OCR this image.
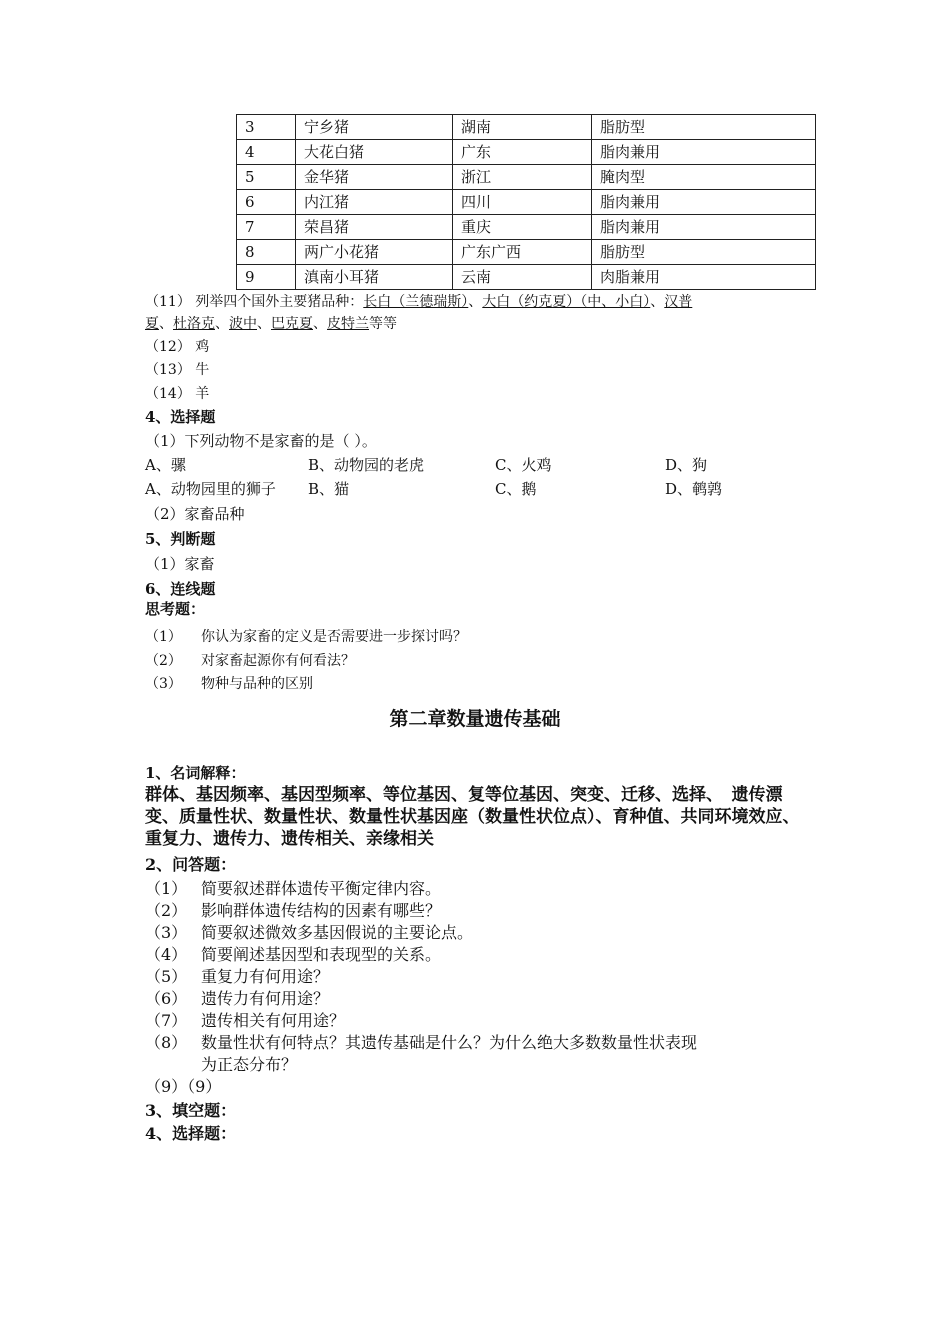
3	宁乡猪	湖南	脂肪型
4	大花白猪	广东	脂肉兼用
5	金华猪	浙江	腌肉型
6	内江猪	四川	脂肉兼用
7	荣昌猪	重庆	脂肉兼用
8	两广小花猪	广东广西	脂肪型
9	滇南小耳猪	云南	肉脂兼用
（11） 列举四个国外主要猪品种：长白（兰德瑞斯）、大白（约克夏）（中、小白）、汉普
夏、杜洛克、波中、巴克夏、皮特兰等等
（12） 鸡
（13） 牛
（14） 羊
4、选择题
（1）下列动物不是家畜的是（ ）。
A、骡	B、动物园的老虎	C、火鸡	D、狗
A、动物园里的狮子 B、猫	C、鹅	D、鹌鹑
（2）家畜品种
5、判断题
（1）家畜
6、连线题
思考题：
（1） 你认为家畜的定义是否需要进一步探讨吗？
（2） 对家畜起源你有何看法？
（3） 物种与品种的区别
第二章数量遗传基础
1、名词解释：
群体、基因频率、基因型频率、等位基因、复等位基因、突变、迁移、选择、　遗传漂变、质量性状、数量性状、数量性状基因座（数量性状位点）、育种值、共同环境效应、重复力、遗传力、遗传相关、亲缘相关
2、问答题：
（1） 简要叙述群体遗传平衡定律内容。
（2） 影响群体遗传结构的因素有哪些？
（3） 简要叙述微效多基因假说的主要论点。
（4） 简要阐述基因型和表现型的关系。
（5） 重复力有何用途？
（6） 遗传力有何用途？
（7） 遗传相关有何用途？
（8） 数量性状有何特点？其遗传基础是什么？为什么绝大多数数量性状表现
为正态分布？
（9）（9）
3、填空题：
4、选择题：
